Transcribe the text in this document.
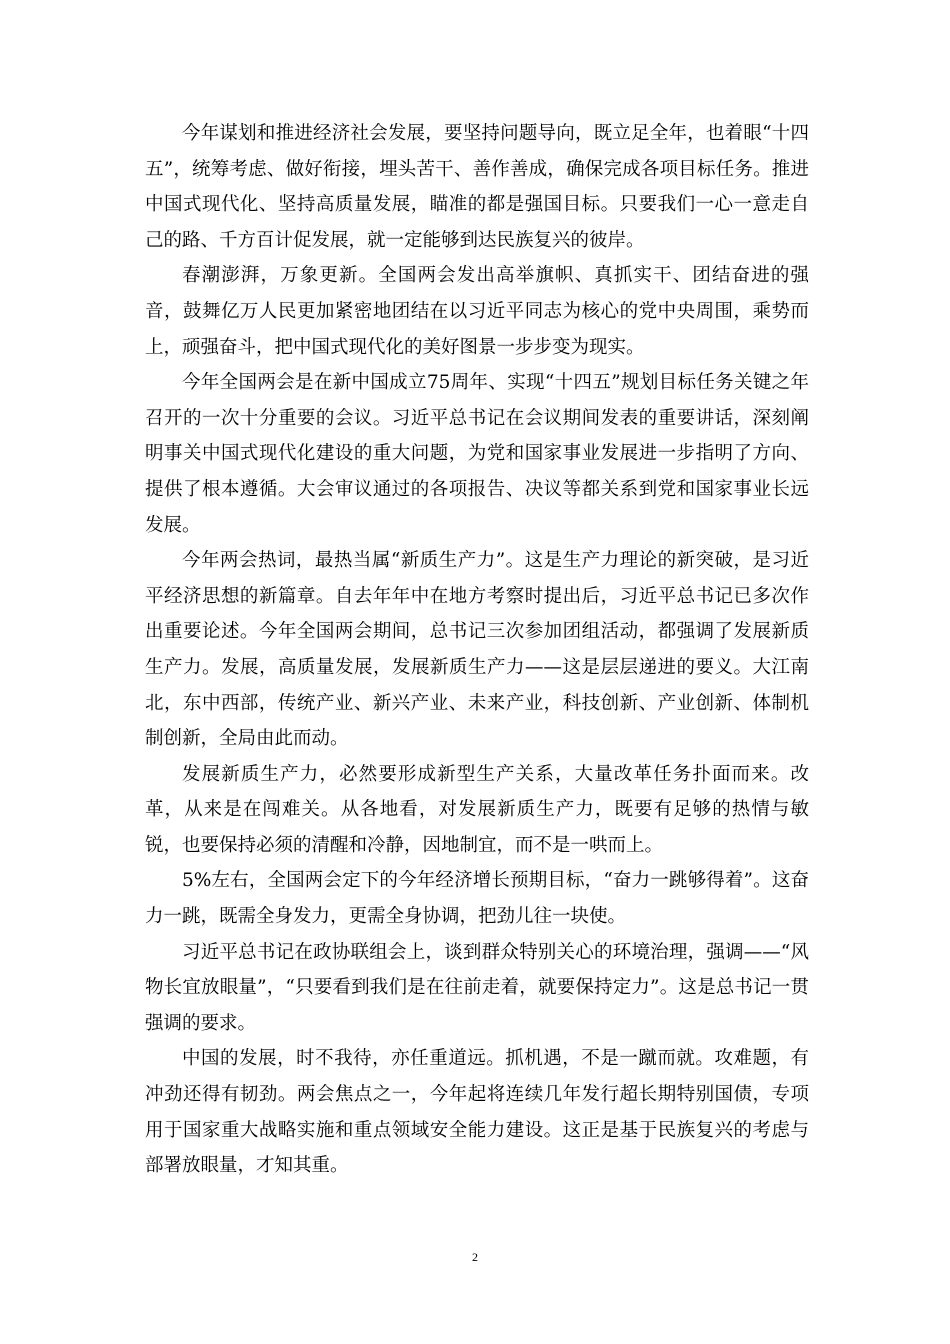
今年谋划和推进经济社会发展，要坚持问题导向，既立足全年，也着眼“十四五”，统筹考虑、做好衔接，埋头苦干、善作善成，确保完成各项目标任务。推进中国式现代化、坚持高质量发展，瞄准的都是强国目标。只要我们一心一意走自己的路、千方百计促发展，就一定能够到达民族复兴的彼岸。

春潮澎湃，万象更新。全国两会发出高举旗帜、真抓实干、团结奋进的强音，鼓舞亿万人民更加紧密地团结在以习近平同志为核心的党中央周围，乘势而上，顽强奋斗，把中国式现代化的美好图景一步步变为现实。

今年全国两会是在新中国成立75周年、实现“十四五”规划目标任务关键之年召开的一次十分重要的会议。习近平总书记在会议期间发表的重要讲话，深刻阐明事关中国式现代化建设的重大问题，为党和国家事业发展进一步指明了方向、提供了根本遵循。大会审议通过的各项报告、决议等都关系到党和国家事业长远发展。

今年两会热词，最热当属“新质生产力”。这是生产力理论的新突破，是习近平经济思想的新篇章。自去年年中在地方考察时提出后，习近平总书记已多次作出重要论述。今年全国两会期间，总书记三次参加团组活动，都强调了发展新质生产力。发展，高质量发展，发展新质生产力——这是层层递进的要义。大江南北，东中西部，传统产业、新兴产业、未来产业，科技创新、产业创新、体制机制创新，全局由此而动。

发展新质生产力，必然要形成新型生产关系，大量改革任务扑面而来。改革，从来是在闯难关。从各地看，对发展新质生产力，既要有足够的热情与敏锐，也要保持必须的清醒和冷静，因地制宜，而不是一哄而上。

5%左右，全国两会定下的今年经济增长预期目标，“奋力一跳够得着”。这奋力一跳，既需全身发力，更需全身协调，把劲儿往一块使。

习近平总书记在政协联组会上，谈到群众特别关心的环境治理，强调——“风物长宜放眼量”，“只要看到我们是在往前走着，就要保持定力”。这是总书记一贯强调的要求。

中国的发展，时不我待，亦任重道远。抓机遇，不是一蹴而就。攻难题，有冲劲还得有韧劲。两会焦点之一，今年起将连续几年发行超长期特别国债，专项用于国家重大战略实施和重点领域安全能力建设。这正是基于民族复兴的考虑与部署放眼量，才知其重。

2
